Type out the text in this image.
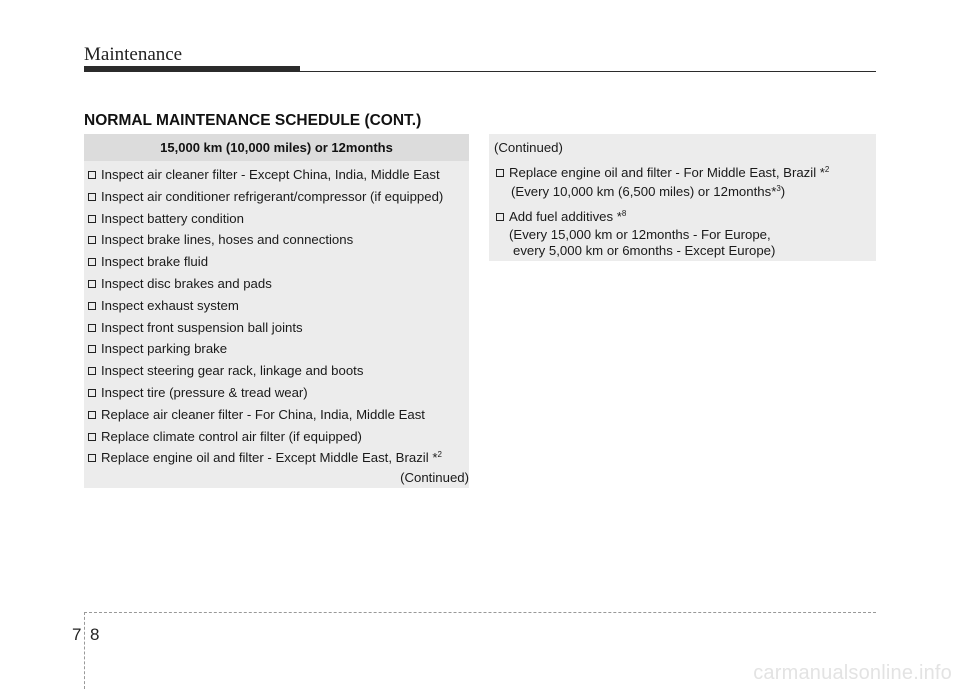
Maintenance
NORMAL MAINTENANCE SCHEDULE (CONT.)
15,000 km (10,000 miles) or 12months
Inspect air cleaner filter - Except China, India, Middle East
Inspect air conditioner refrigerant/compressor (if equipped)
Inspect battery condition
Inspect brake lines, hoses and connections
Inspect brake fluid
Inspect disc brakes and pads
Inspect exhaust system
Inspect front suspension ball joints
Inspect parking brake
Inspect steering gear rack, linkage and boots
Inspect tire (pressure & tread wear)
Replace air cleaner filter - For China, India, Middle East
Replace climate control air filter (if equipped)
Replace engine oil and filter - Except Middle East, Brazil *$^2$
(Continued)
(Continued)
Replace engine oil and filter - For Middle East, Brazil *$^2$
(Every 10,000 km (6,500 miles) or 12months*$^3$)
Add fuel additives *$^8$
(Every 15,000 km or 12months - For Europe,
every 5,000 km or 6months - Except Europe)
7 8
carmanualsonline.info
